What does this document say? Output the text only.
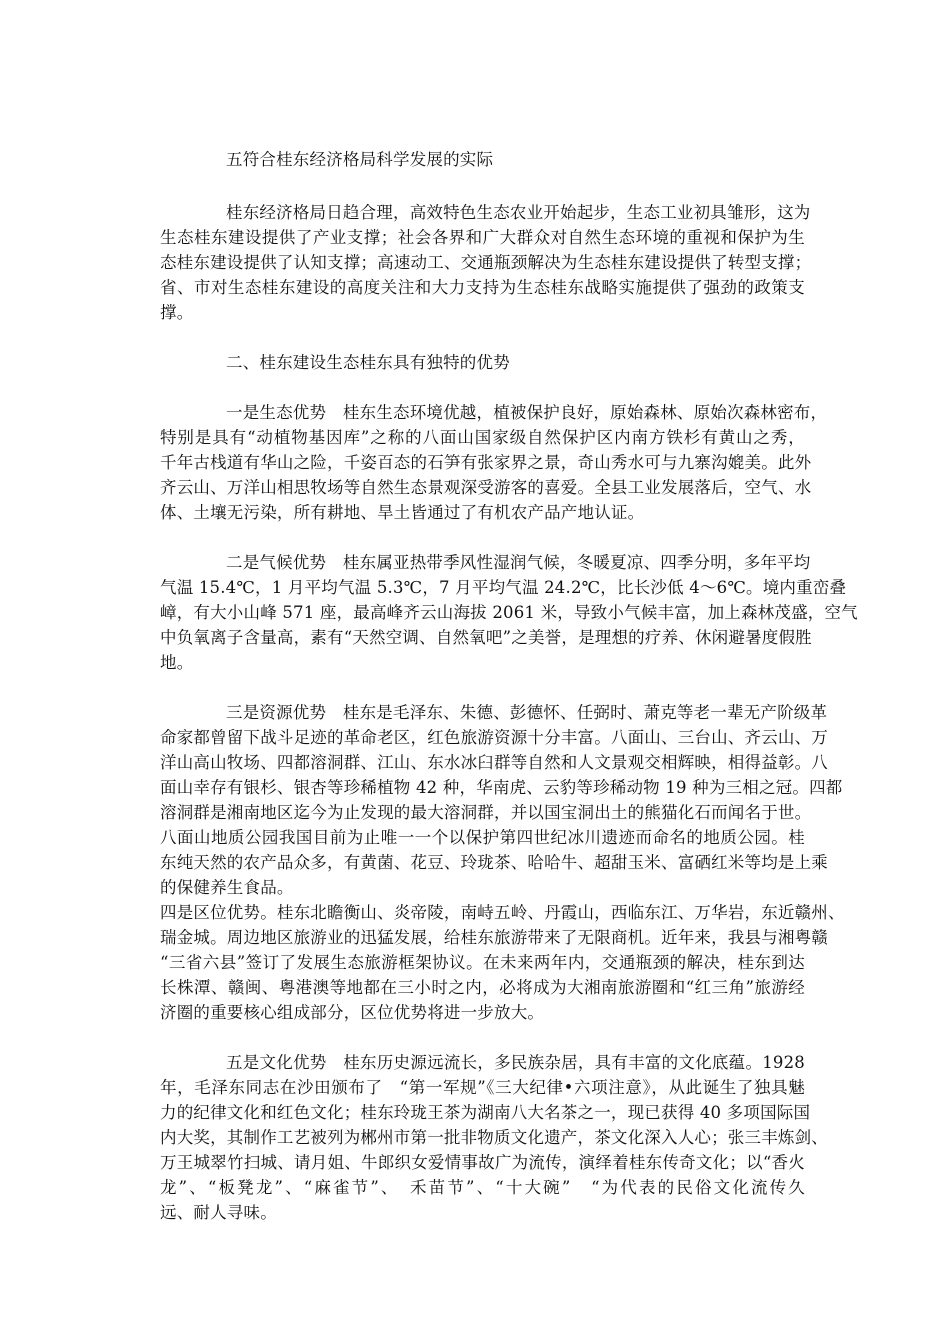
五符合桂东经济格局科学发展的实际
桂东经济格局日趋合理，高效特色生态农业开始起步，生态工业初具雏形，这为
生态桂东建设提供了产业支撑；社会各界和广大群众对自然生态环境的重视和保护为生
态桂东建设提供了认知支撑；高速动工、交通瓶颈解决为生态桂东建设提供了转型支撑；
省、市对生态桂东建设的高度关注和大力支持为生态桂东战略实施提供了强劲的政策支
撑。
二、桂东建设生态桂东具有独特的优势
一是生态优势　桂东生态环境优越，植被保护良好，原始森林、原始次森林密布，
特别是具有“动植物基因库”之称的八面山国家级自然保护区内南方铁杉有黄山之秀，
千年古栈道有华山之险，千姿百态的石笋有张家界之景，奇山秀水可与九寨沟媲美。此外
齐云山、万洋山相思牧场等自然生态景观深受游客的喜爱。全县工业发展落后，空气、水
体、土壤无污染，所有耕地、旱土皆通过了有机农产品产地认证。
二是气候优势　桂东属亚热带季风性湿润气候，冬暖夏凉、四季分明，多年平均
气温 15.4℃，1 月平均气温 5.3℃，7 月平均气温 24.2℃，比长沙低 4～6℃。境内重峦叠
嶂，有大小山峰 571 座，最高峰齐云山海拔 2061 米，导致小气候丰富，加上森林茂盛，空气
中负氧离子含量高，素有“天然空调、自然氧吧”之美誉，是理想的疗养、休闲避暑度假胜
地。
三是资源优势　桂东是毛泽东、朱德、彭德怀、任弼时、萧克等老一辈无产阶级革
命家都曾留下战斗足迹的革命老区，红色旅游资源十分丰富。八面山、三台山、齐云山、万
洋山高山牧场、四都溶洞群、江山、东水冰臼群等自然和人文景观交相辉映，相得益彰。八
面山幸存有银杉、银杏等珍稀植物 42 种，华南虎、云豹等珍稀动物 19 种为三相之冠。四都
溶洞群是湘南地区迄今为止发现的最大溶洞群，并以国宝洞出土的熊猫化石而闻名于世。
八面山地质公园我国目前为止唯一一个以保护第四世纪冰川遗迹而命名的地质公园。桂
东纯天然的农产品众多，有黄菌、花豆、玲珑茶、哈哈牛、超甜玉米、富硒红米等均是上乘
的保健养生食品。
四是区位优势。桂东北瞻衡山、炎帝陵，南峙五岭、丹霞山，西临东江、万华岩，东近赣州、
瑞金城。周边地区旅游业的迅猛发展，给桂东旅游带来了无限商机。近年来，我县与湘粤赣
“三省六县”签订了发展生态旅游框架协议。在未来两年内，交通瓶颈的解决，桂东到达
长株潭、赣闽、粤港澳等地都在三小时之内，必将成为大湘南旅游圈和“红三角”旅游经
济圈的重要核心组成部分，区位优势将进一步放大。
五是文化优势　桂东历史源远流长，多民族杂居，具有丰富的文化底蕴。1928
年，毛泽东同志在沙田颁布了　“第一军规”《三大纪律•六项注意》，从此诞生了独具魅
力的纪律文化和红色文化；桂东玲珑王茶为湖南八大名茶之一，现已获得 40 多项国际国
内大奖，其制作工艺被列为郴州市第一批非物质文化遗产，茶文化深入人心；张三丰炼剑、
万王城翠竹扫城、请月姐、牛郎织女爱情事故广为流传，演绎着桂东传奇文化；以“香火
龙”、“板凳龙”、“麻雀节”、　禾苗节”、“十大碗”　“为代表的民俗文化流传久
远、耐人寻味。
